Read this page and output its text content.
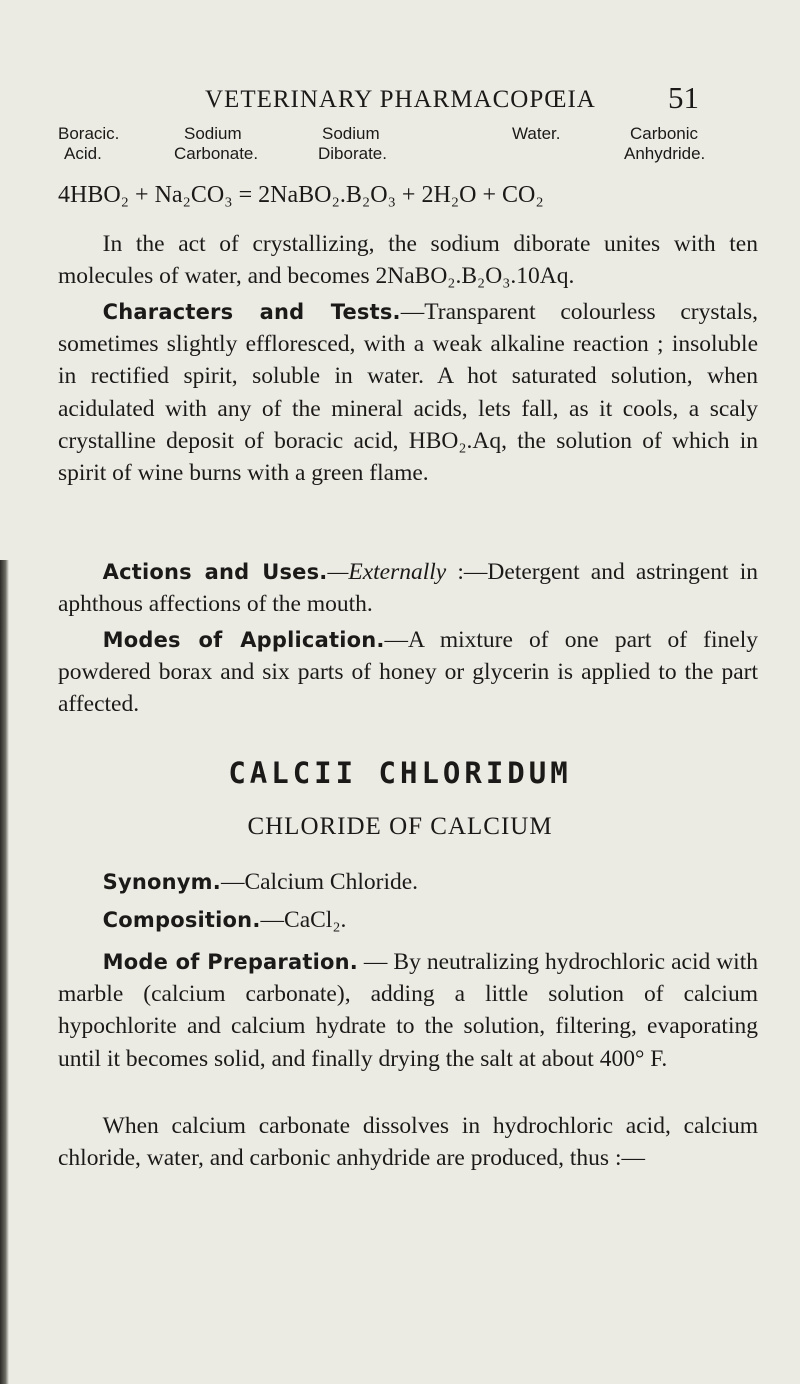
VETERINARY PHARMACOPŒIA 51
Boracic.
Acid.
Sodium
Carbonate.
Sodium
Diborate.
Water.	Carbonic
Anhydride.
4HBO₂ + Na₂CO₃ = 2NaBO₂.B₂O₃ + 2H₂O + CO₂
In the act of crystallizing, the sodium diborate unites with ten molecules of water, and becomes 2NaBO₂.B₂O₃.10Aq.
Characters and Tests.—Transparent colourless crystals, sometimes slightly effloresced, with a weak alkaline reaction ; insoluble in rectified spirit, soluble in water. A hot saturated solution, when acidulated with any of the mineral acids, lets fall, as it cools, a scaly crystalline deposit of boracic acid, HBO₂.Aq, the solution of which in spirit of wine burns with a green flame.
Actions and Uses.—Externally :—Detergent and astringent in aphthous affections of the mouth.
Modes of Application.—A mixture of one part of finely powdered borax and six parts of honey or glycerin is applied to the part affected.
CALCII CHLORIDUM
CHLORIDE OF CALCIUM
Synonym.—Calcium Chloride.
Composition.—CaCl₂.
Mode of Preparation. — By neutralizing hydrochloric acid with marble (calcium carbonate), adding a little solution of calcium hypochlorite and calcium hydrate to the solution, filtering, evaporating until it becomes solid, and finally drying the salt at about 400° F.
When calcium carbonate dissolves in hydrochloric acid, calcium chloride, water, and carbonic anhydride are produced, thus :—
